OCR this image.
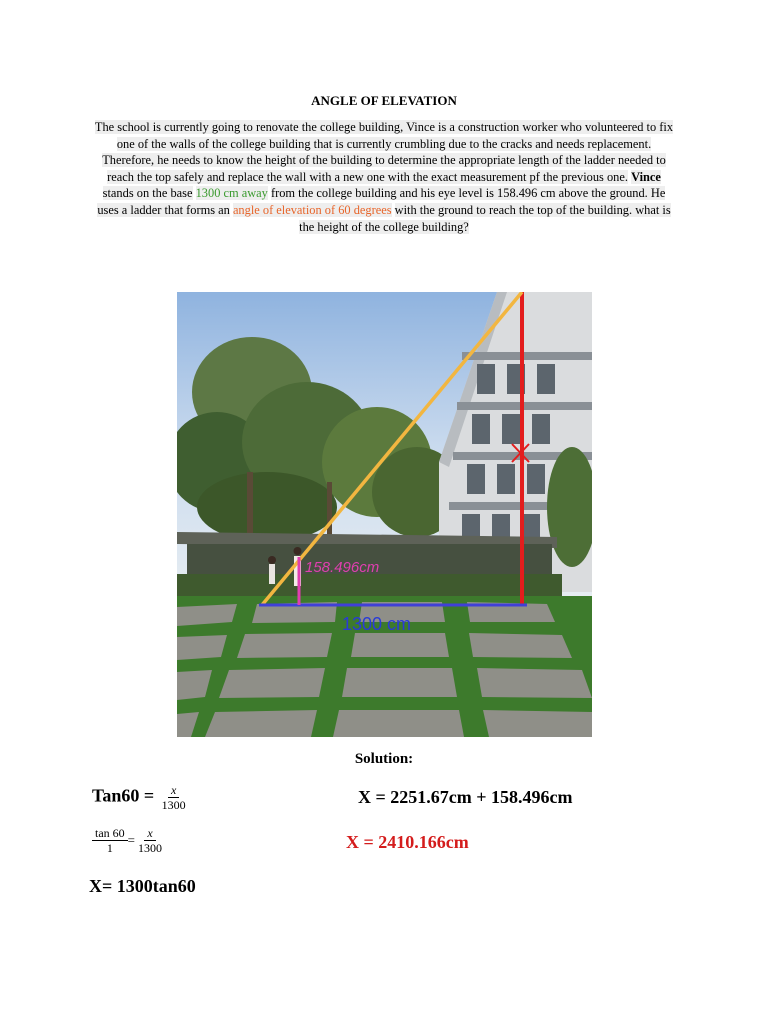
ANGLE OF ELEVATION
The school is currently going to renovate the college building, Vince is a construction worker who volunteered to fix one of the walls of the college building that is currently crumbling due to the cracks and needs replacement. Therefore, he needs to know the height of the building to determine the appropriate length of the ladder needed to reach the top safely and replace the wall with a new one with the exact measurement pf the previous one. Vince stands on the base 1300 cm away from the college building and his eye level is 158.496 cm above the ground. He uses a ladder that forms an angle of elevation of 60 degrees with the ground to reach the top of the building. what is the height of the college building?
158.496cm
1300 cm
Solution:
$Tan60 = \frac{x}{1300}$
$\frac{\tan 60}{1} = \frac{x}{1300}$
X= 1300tan60
X = 2251.67cm + 158.496cm
X = 2410.166cm
